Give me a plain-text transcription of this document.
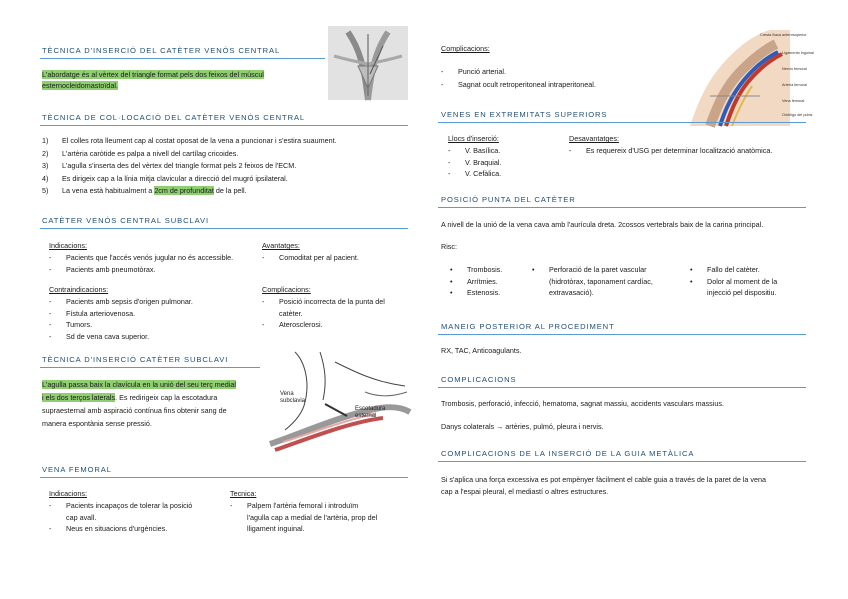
TÈCNICA D'INSERCIÓ DEL CATÈTER VENÓS CENTRAL
L'abordatge és al vèrtex del triangle format pels dos feixos del múscul
esternocleidomastoïdal.
TÈCNICA DE COL·LOCACIÓ DEL CATÈTER VENÓS CENTRAL
1) El colles rota lleument cap al costat oposat de la vena a puncionar i s'estira suaument.
2) L'artèria caròtide es palpa a nivell del cartílag cricoides.
3) L'agulla s'inserta des del vèrtex del triangle format pels 2 feixos de l'ECM.
4) Es dirigeix cap a la línia mitja clavicular a direcció del mugró ipsilateral.
5) La vena està habitualment a 2cm de profunditat de la pell.
CATÈTER VENÓS CENTRAL SUBCLAVI
Indicacions:
- Pacients que l'accés venós jugular no és accessible.
- Pacients amb pneumotòrax.
Avantatges:
- Comoditat per al pacient.
Contraindicacions:
- Pacients amb sepsis d'origen pulmonar.
- Fístula arteriovenosa.
- Tumors.
- Sd de vena cava superior.
Complicacions:
- Posició incorrecta de la punta del
catèter.
- Aterosclerosi.
TÈCNICA D'INSERCIÓ CATÈTER SUBCLAVI
L'agulla passa baix la clavícula en la unió del seu terç medial
i els dos terços laterals. Es redirigeix cap la escotadura
supraesternal amb aspiració contínua fins obtenir sang de
manera espontània sense pressió.
Vena
subclavia
Escotadura
esternal
VENA FEMORAL
Indicacions:
- Pacients incapaços de tolerar la posició
cap avall.
- Neus en situacions d'urgències.
Tecnica:
- Palpem l'artèria femoral i introduïm
l'agulla cap a medial de l'artèria, prop del
lligament inguinal.
Complicacions:
- Punció arterial.
- Sagnat ocult retroperitoneal intraperitoneal.
Cresta ilíaca anterosuperior
Ligamento inguinal
Nervio femoral
Arteria femoral
Vena femoral
Ombligo del pubis
VENES EN EXTREMITATS SUPERIORS
Llocs d'inserció:
- V. Basílica.
- V. Braquial.
- V. Cefàlica.
Desavantatges:
- Es requereix d'USG per determinar localització anatòmica.
POSICIÓ PUNTA DEL CATÈTER
A nivell de la unió de la vena cava amb l'aurícula dreta. 2cossos vertebrals baix de la carina principal.
Risc:
• Trombosis.
• Arrítmies.
• Estenosis.
• Perforació de la paret vascular
(hidrotòrax, taponament cardíac,
extravasació).
• Fallo del catèter.
• Dolor al moment de la
injecció pel dispositiu.
MANEIG POSTERIOR AL PROCEDIMENT
RX, TAC, Anticoagulants.
COMPLICACIONS
Trombosis, perforació, infecció, hematoma, sagnat massiu, accidents vasculars massius.
Danys colaterals → artèries, pulmó, pleura i nervis.
COMPLICACIONS DE LA INSERCIÓ DE LA GUIA METÀLICA
Si s'aplica una força excessiva es pot empènyer fàcilment el cable guia a través de la paret de la vena
cap a l'espai pleural, el mediastí o altres estructures.
